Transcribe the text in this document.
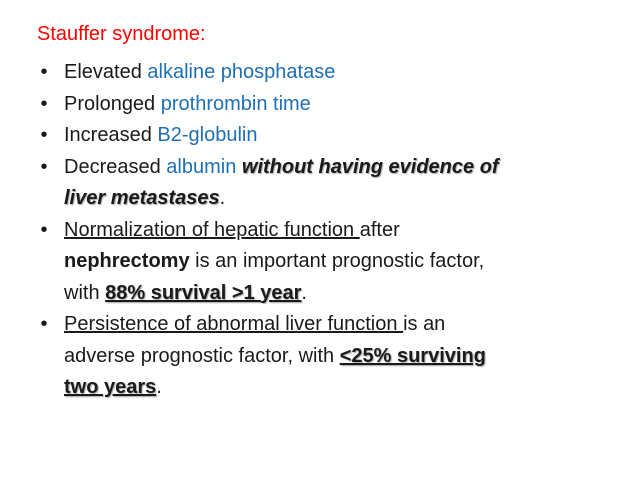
Stauffer syndrome:
• Elevated alkaline phosphatase
• Prolonged prothrombin time
• Increased B2-globulin
• Decreased albumin without having evidence of
liver metastases.
• Normalization of hepatic function after
nephrectomy is an important prognostic factor,
with 88% survival >1 year.
• Persistence of abnormal liver function is an
adverse prognostic factor, with <25% surviving
two years.
